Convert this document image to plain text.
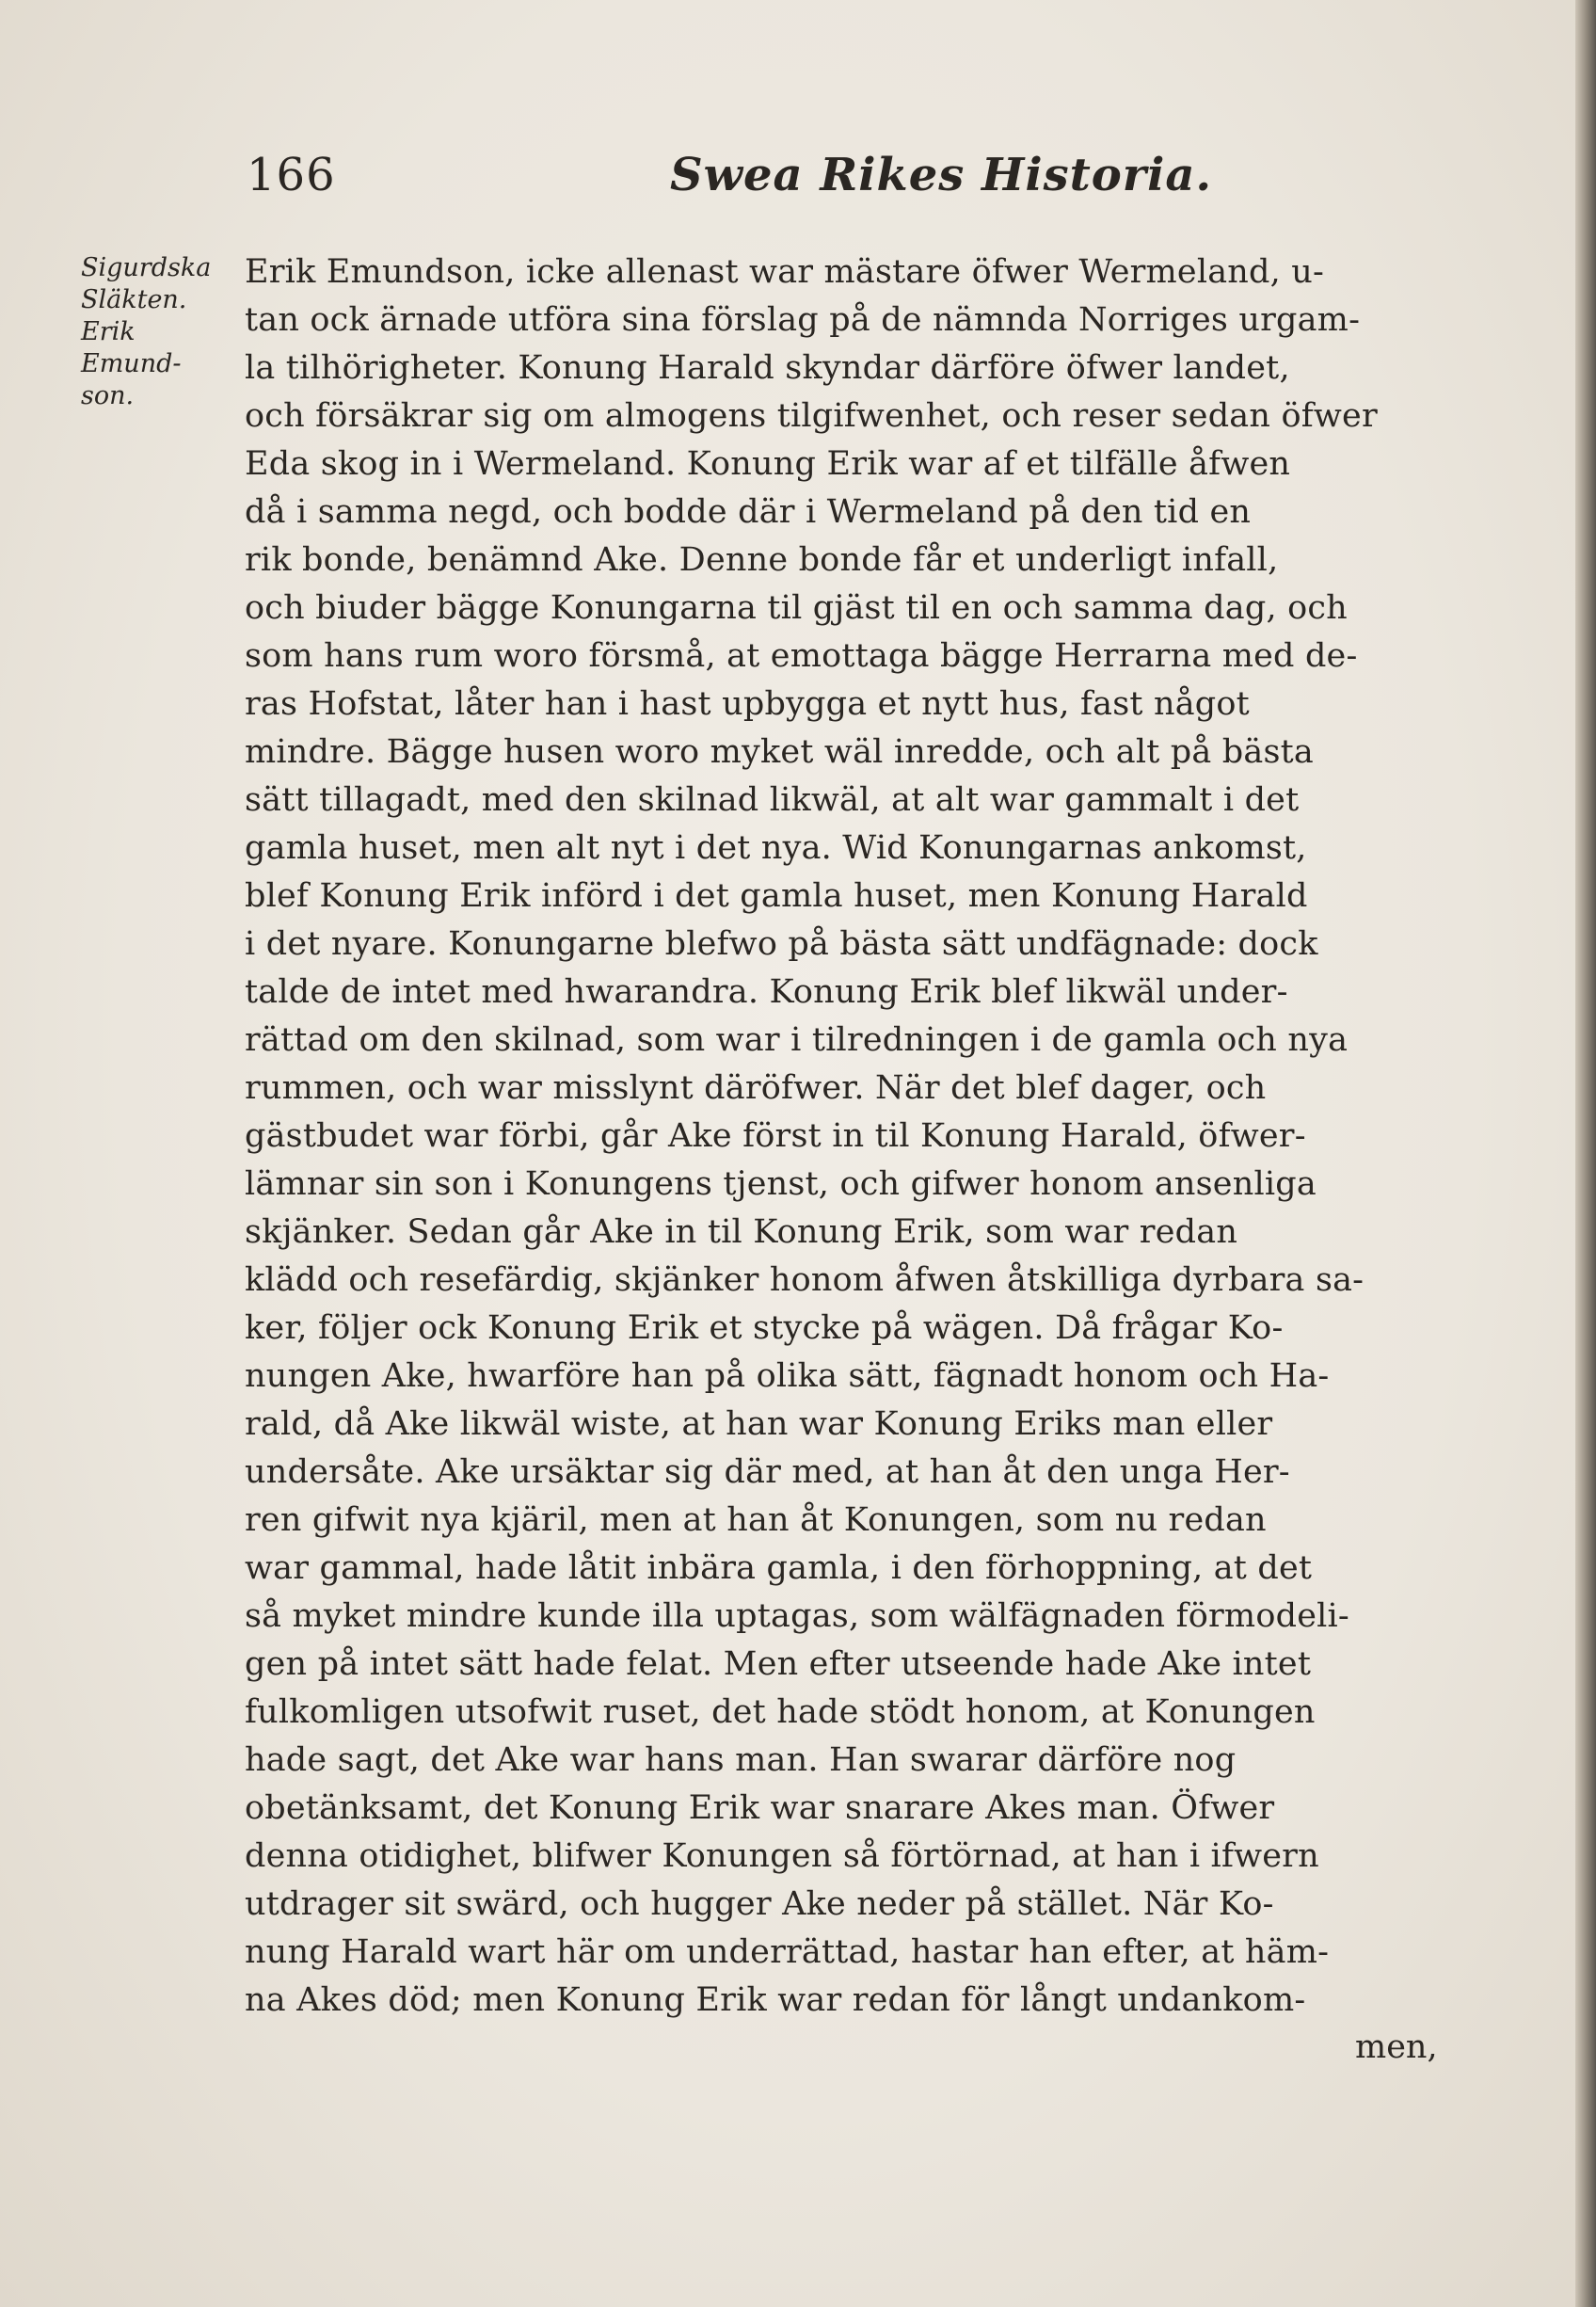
166	Swea Rikes Historia.
Sigurdska
Släkten.
Erik
Emund-
son.
Erik Emundson, icke allenast war mästare öfwer Wermeland, u-
tan ock ärnade utföra sina förslag på de nämnda Norriges urgam-
la tilhörigheter. Konung Harald skyndar därföre öfwer landet,
och försäkrar sig om almogens tilgifwenhet, och reser sedan öfwer
Eda skog in i Wermeland. Konung Erik war af et tilfälle åfwen
då i samma negd, och bodde där i Wermeland på den tid en
rik bonde, benämnd Ake. Denne bonde får et underligt infall,
och biuder bägge Konungarna til gjäst til en och samma dag, och
som hans rum woro försmå, at emottaga bägge Herrarna med de-
ras Hofstat, låter han i hast upbygga et nytt hus, fast något
mindre. Bägge husen woro myket wäl inredde, och alt på bästa
sätt tillagadt, med den skilnad likwäl, at alt war gammalt i det
gamla huset, men alt nyt i det nya. Wid Konungarnas ankomst,
blef Konung Erik införd i det gamla huset, men Konung Harald
i det nyare. Konungarne blefwo på bästa sätt undfägnade: dock
talde de intet med hwarandra. Konung Erik blef likwäl under-
rättad om den skilnad, som war i tilredningen i de gamla och nya
rummen, och war misslynt däröfwer. När det blef dager, och
gästbudet war förbi, går Ake först in til Konung Harald, öfwer-
lämnar sin son i Konungens tjenst, och gifwer honom ansenliga
skjänker. Sedan går Ake in til Konung Erik, som war redan
klädd och resefärdig, skjänker honom åfwen åtskilliga dyrbara sa-
ker, följer ock Konung Erik et stycke på wägen. Då frågar Ko-
nungen Ake, hwarföre han på olika sätt, fägnadt honom och Ha-
rald, då Ake likwäl wiste, at han war Konung Eriks man eller
undersåte. Ake ursäktar sig där med, at han åt den unga Her-
ren gifwit nya kjäril, men at han åt Konungen, som nu redan
war gammal, hade låtit inbära gamla, i den förhoppning, at det
så myket mindre kunde illa uptagas, som wälfägnaden förmodeli-
gen på intet sätt hade felat. Men efter utseende hade Ake intet
fulkomligen utsofwit ruset, det hade stödt honom, at Konungen
hade sagt, det Ake war hans man. Han swarar därföre nog
obetänksamt, det Konung Erik war snarare Akes man. Öfwer
denna otidighet, blifwer Konungen så förtörnad, at han i ifwern
utdrager sit swärd, och hugger Ake neder på stället. När Ko-
nung Harald wart här om underrättad, hastar han efter, at häm-
na Akes död; men Konung Erik war redan för långt undankom-
men,
